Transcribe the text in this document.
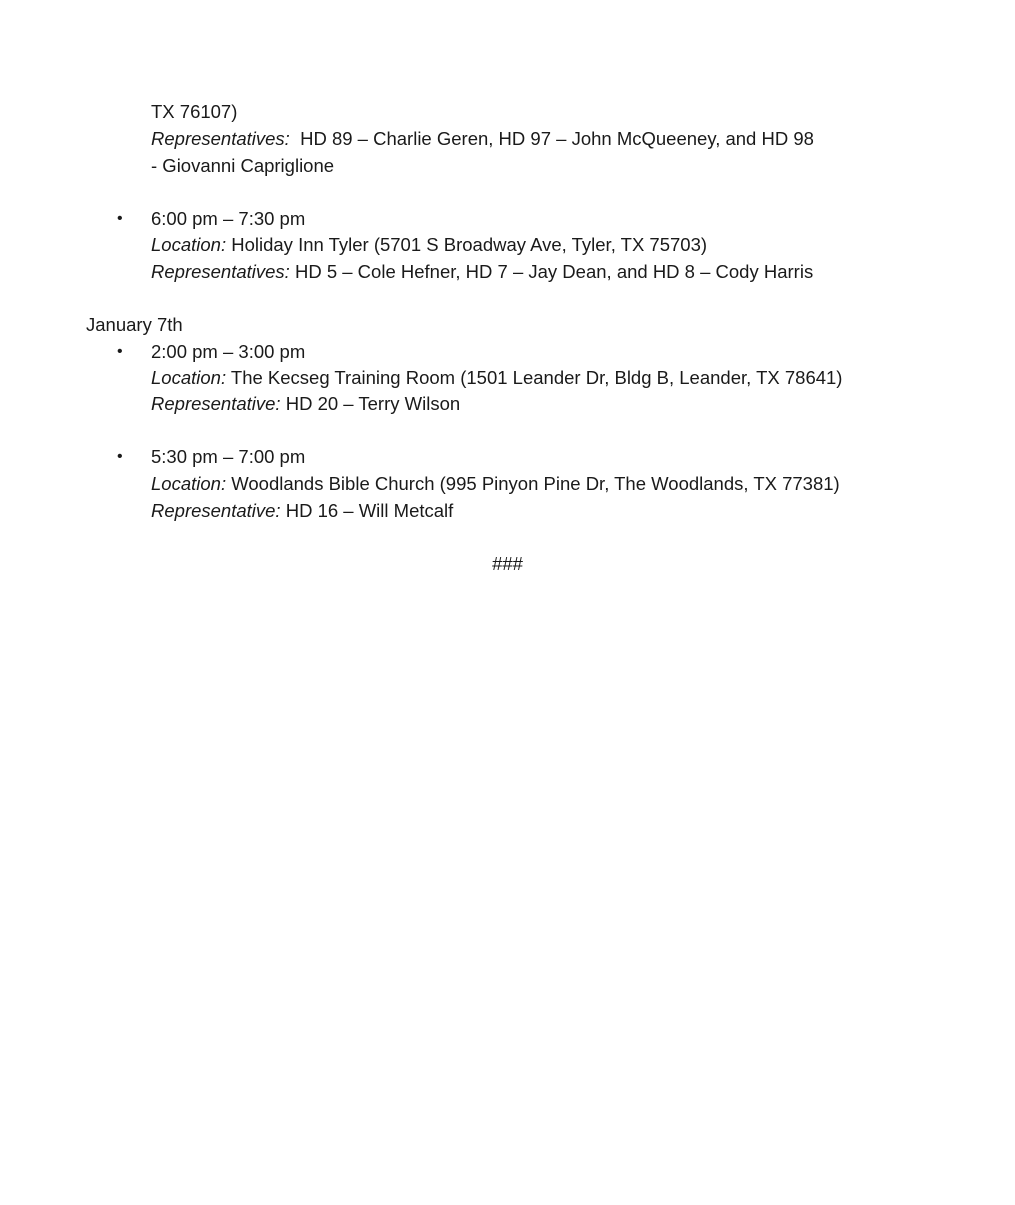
TX 76107)
Representatives: HD 89 – Charlie Geren, HD 97 – John McQueeney, and HD 98
- Giovanni Capriglione
• 6:00 pm – 7:30 pm
Location: Holiday Inn Tyler (5701 S Broadway Ave, Tyler, TX 75703)
Representatives: HD 5 – Cole Hefner, HD 7 – Jay Dean, and HD 8 – Cody Harris
January 7th
• 2:00 pm – 3:00 pm
Location: The Kecseg Training Room (1501 Leander Dr, Bldg B, Leander, TX 78641)
Representative: HD 20 – Terry Wilson
• 5:30 pm – 7:00 pm
Location: Woodlands Bible Church (995 Pinyon Pine Dr, The Woodlands, TX 77381)
Representative: HD 16 – Will Metcalf
###
